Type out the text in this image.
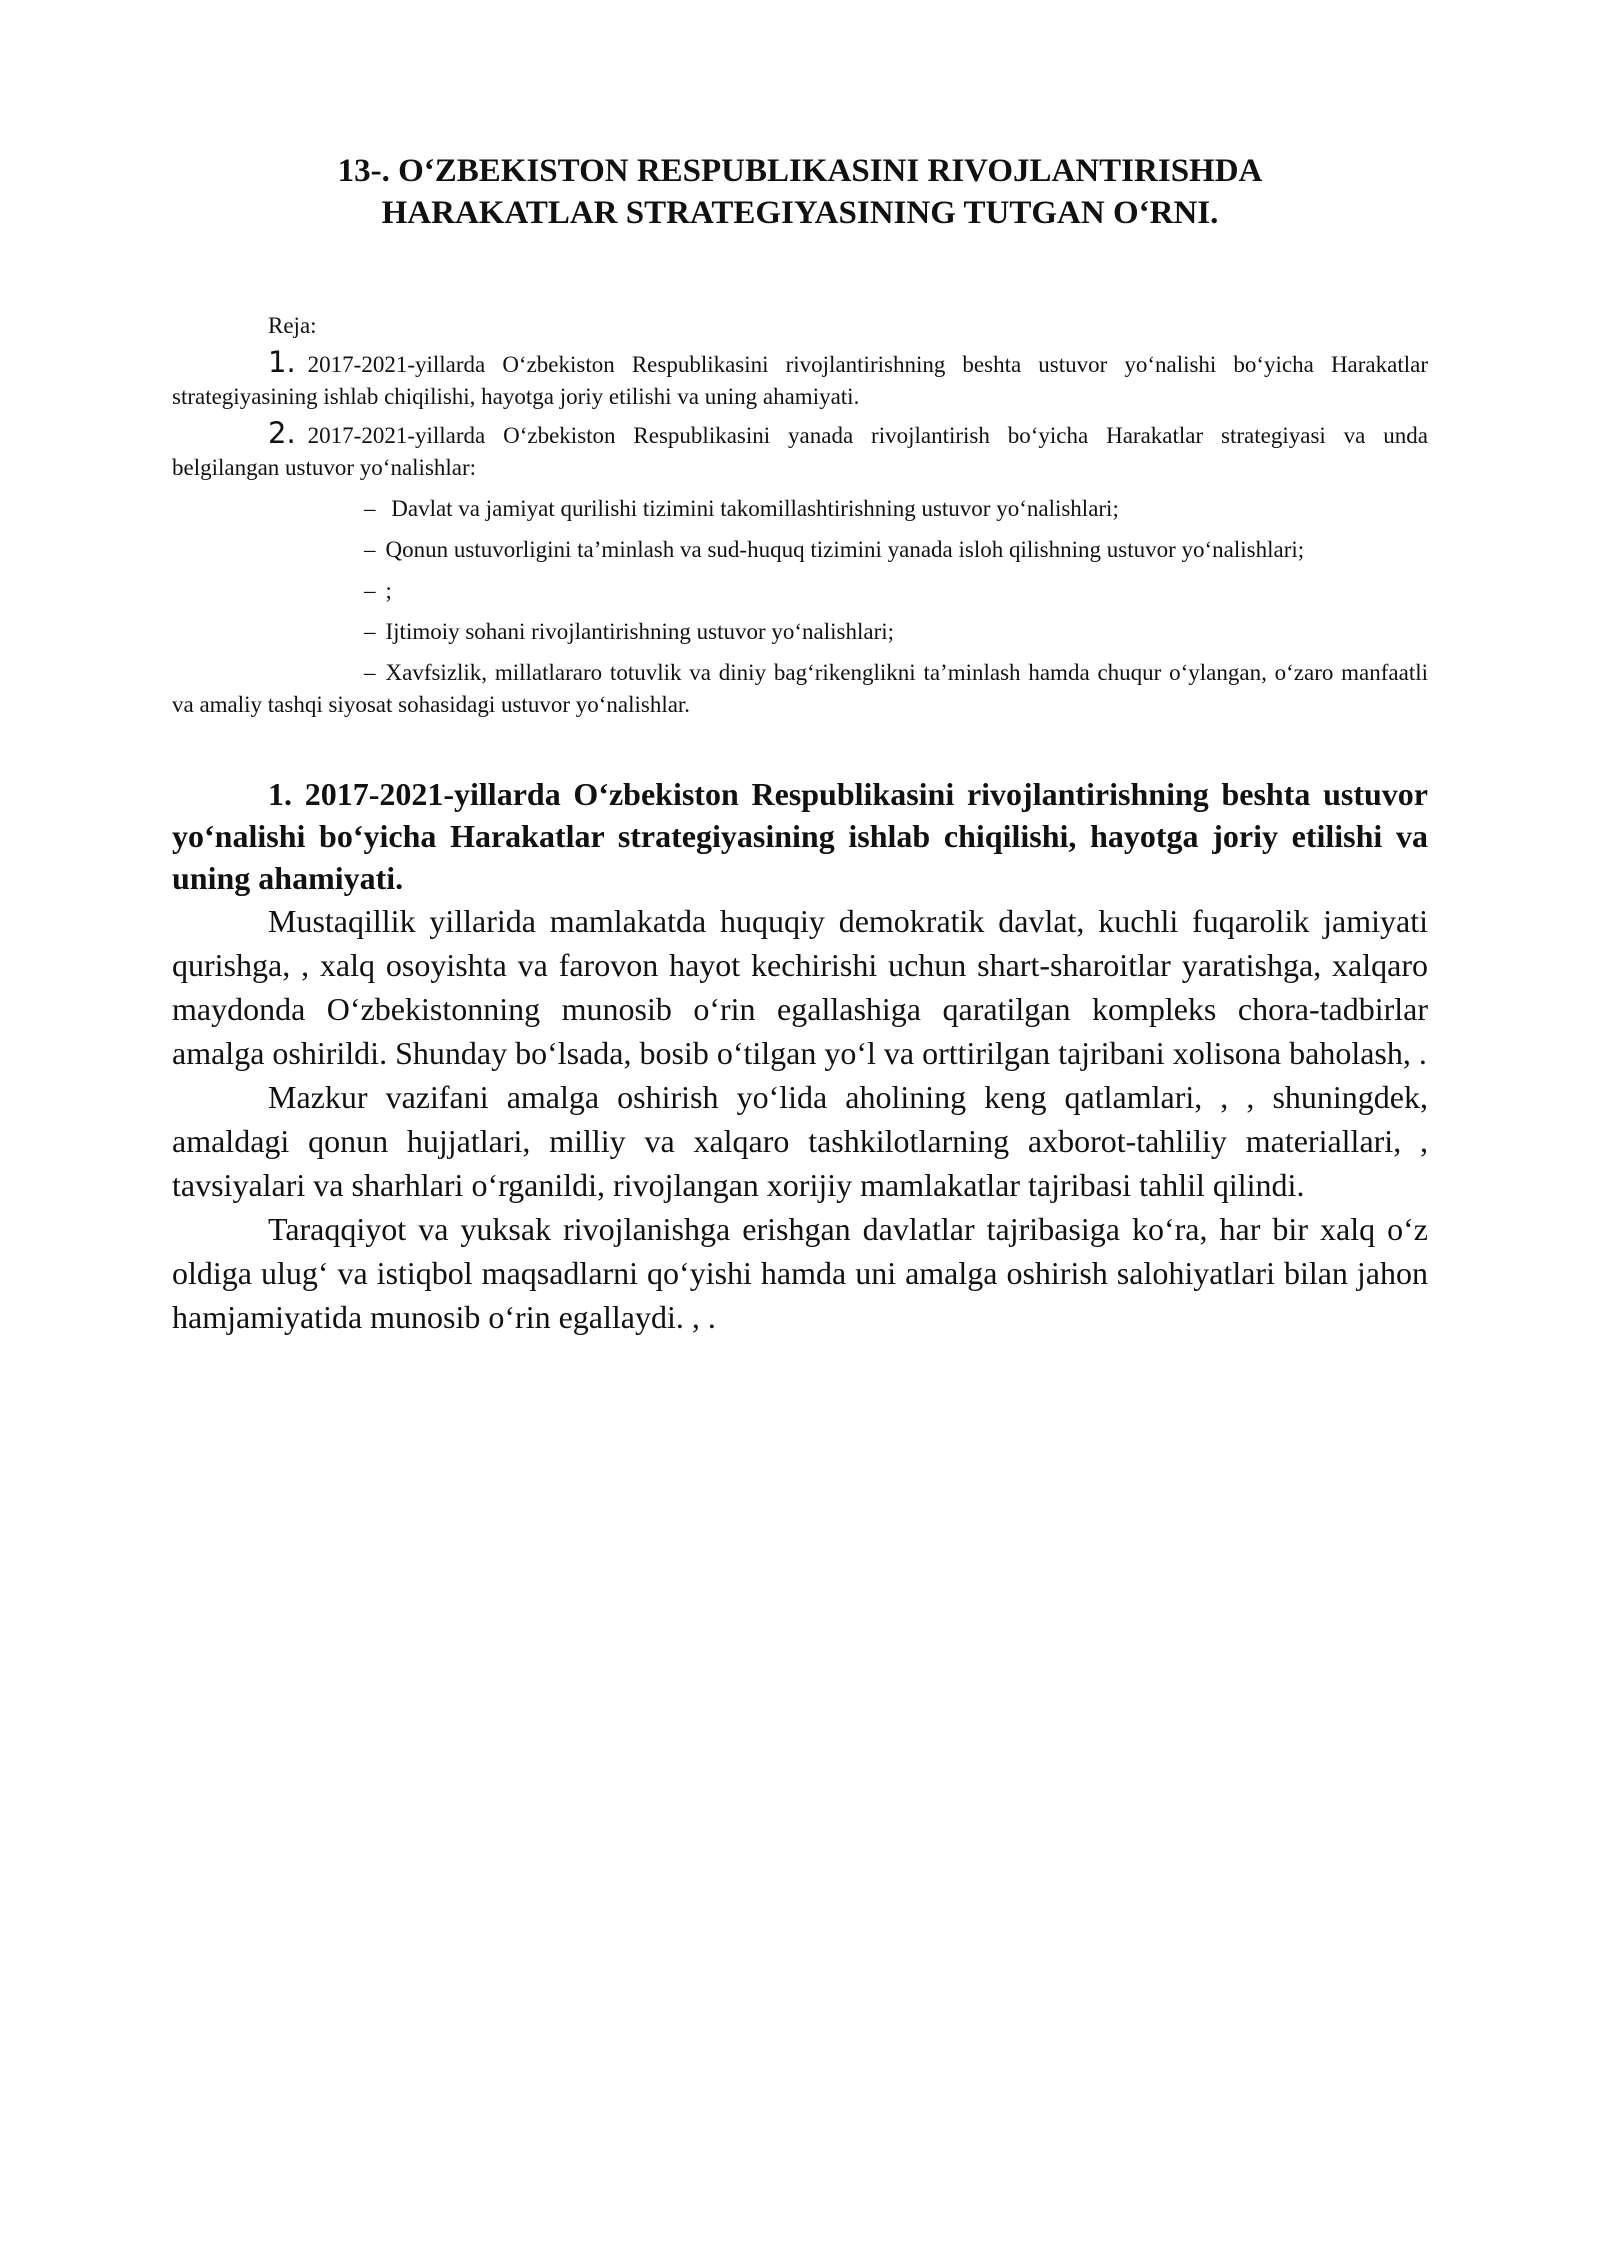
13-. O‘ZBEKISTON RESPUBLIKASINI RIVOJLANTIRISHDA
HARAKATLAR STRATEGIYASINING TUTGAN O‘RNI.

Reja:

1. 2017-2021-yillarda O‘zbekiston Respublikasini rivojlantirishning beshta ustuvor yo‘nalishi bo‘yicha Harakatlar strategiyasining ishlab chiqilishi, hayotga joriy etilishi va uning ahamiyati.

2. 2017-2021-yillarda O‘zbekiston Respublikasini yanada rivojlantirish bo‘yicha Harakatlar strategiyasi va unda belgilangan ustuvor yo‘nalishlar:

– Davlat va jamiyat qurilishi tizimini takomillashtirishning ustuvor yo‘nalishlari;

– Qonun ustuvorligini ta’minlash va sud-huquq tizimini yanada isloh qilishning ustuvor yo‘nalishlari;

– ;

– Ijtimoiy sohani rivojlantirishning ustuvor yo‘nalishlari;

– Xavfsizlik, millatlararo totuvlik va diniy bag‘rikenglikni ta’minlash hamda chuqur o‘ylangan, o‘zaro manfaatli va amaliy tashqi siyosat sohasidagi ustuvor yo‘nalishlar.

1. 2017-2021-yillarda O‘zbekiston Respublikasini rivojlantirishning beshta ustuvor yo‘nalishi bo‘yicha Harakatlar strategiyasining ishlab chiqilishi, hayotga joriy etilishi va uning ahamiyati.

Mustaqillik yillarida mamlakatda huquqiy demokratik davlat, kuchli fuqarolik jamiyati qurishga, , xalq osoyishta va farovon hayot kechirishi uchun shart-sharoitlar yaratishga, xalqaro maydonda O‘zbekistonning munosib o‘rin egallashiga qaratilgan kompleks chora-tadbirlar amalga oshirildi. Shunday bo‘lsada, bosib o‘tilgan yo‘l va orttirilgan tajribani xolisona baholash, .

Mazkur vazifani amalga oshirish yo‘lida aholining keng qatlamlari, , , shuningdek, amaldagi qonun hujjatlari, milliy va xalqaro tashkilotlarning axborot-tahliliy materiallari, , tavsiyalari va sharhlari o‘rganildi, rivojlangan xorijiy mamlakatlar tajribasi tahlil qilindi.

Taraqqiyot va yuksak rivojlanishga erishgan davlatlar tajribasiga ko‘ra, har bir xalq o‘z oldiga ulug‘ va istiqbol maqsadlarni qo‘yishi hamda uni amalga oshirish salohiyatlari bilan jahon hamjamiyatida munosib o‘rin egallaydi. , .
